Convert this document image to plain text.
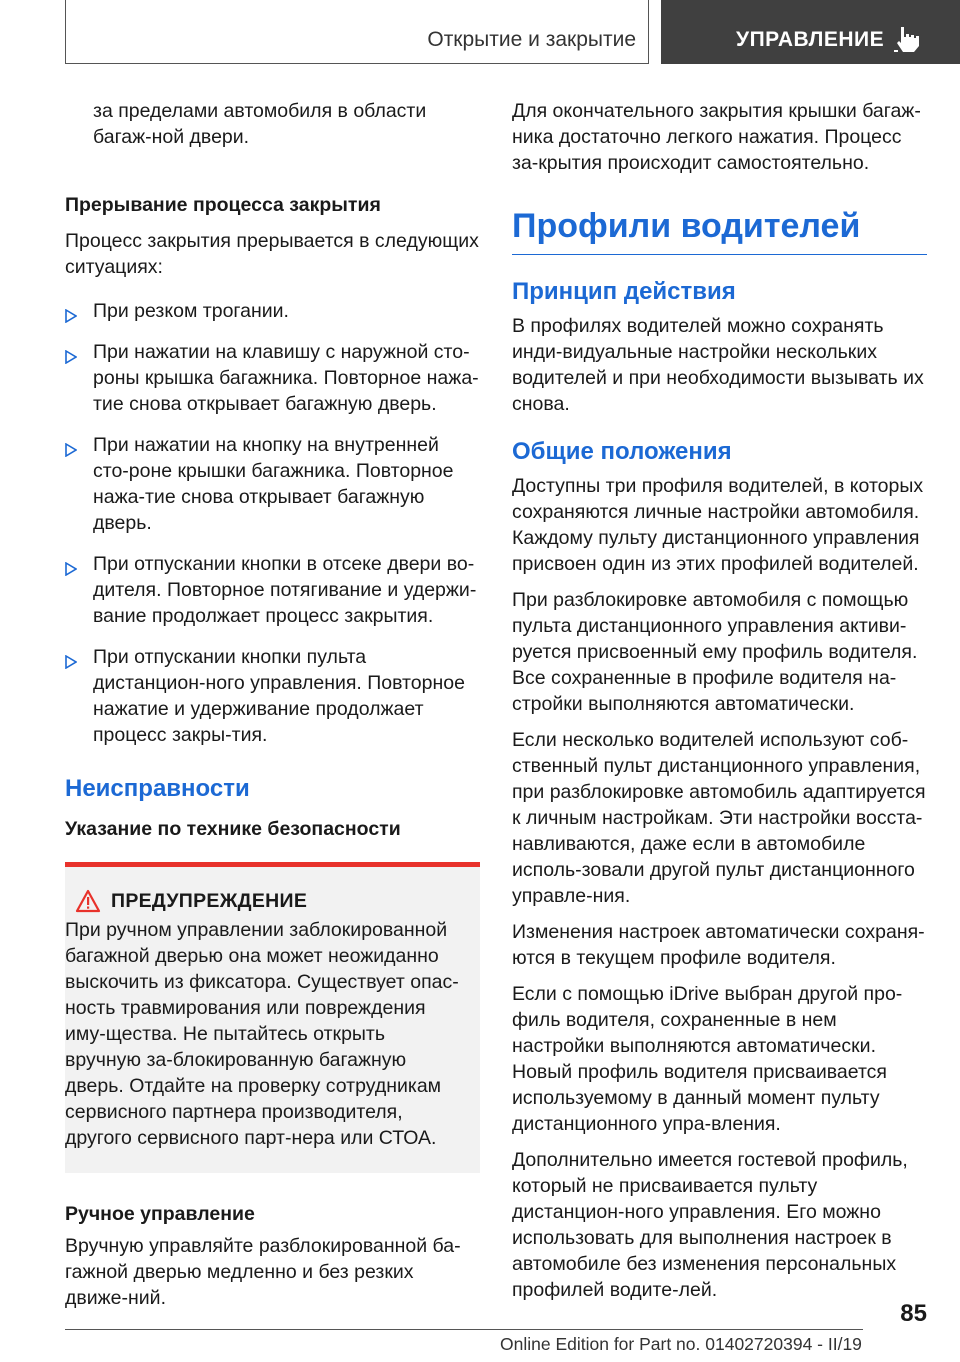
Открытие и закрытие	УПРАВЛЕНИЕ

за пределами автомобиля в области багаж-ной двери.

Прерывание процесса закрытия

Процесс закрытия прерывается в следующих ситуациях:

При резком трогании.
При нажатии на клавишу с наружной сто-роны крышка багажника. Повторное нажа-тие снова открывает багажную дверь.
При нажатии на кнопку на внутренней сто-роне крышки багажника. Повторное нажа-тие снова открывает багажную дверь.
При отпускании кнопки в отсеке двери во-дителя. Повторное потягивание и удержи-вание продолжает процесс закрытия.
При отпускании кнопки пульта дистанцион-ного управления. Повторное нажатие и удерживание продолжает процесс закры-тия.
Неисправности
Указание по технике безопасности
ПРЕДУПРЕЖДЕНИЕ

При ручном управлении заблокированной багажной дверью она может неожиданно выскочить из фиксатора. Существует опас-ность травмирования или повреждения иму-щества. Не пытайтесь открыть вручную за-блокированную багажную дверь. Отдайте на проверку сотрудникам сервисного партнера производителя, другого сервисного парт-нера или СТОА.

Ручное управление

Вручную управляйте разблокированной ба-гажной дверью медленно и без резких движе-ний.

Для окончательного закрытия крышки багаж-ника достаточно легкого нажатия. Процесс за-крытия происходит самостоятельно.

Профили водителей
Принцип действия

В профилях водителей можно сохранять инди-видуальные настройки нескольких водителей и при необходимости вызывать их снова.

Общие положения

Доступны три профиля водителей, в которых сохраняются личные настройки автомобиля. Каждому пульту дистанционного управления присвоен один из этих профилей водителей.

При разблокировке автомобиля с помощью пульта дистанционного управления активи-руется присвоенный ему профиль водителя. Все сохраненные в профиле водителя на-стройки выполняются автоматически.

Если несколько водителей используют соб-ственный пульт дистанционного управления, при разблокировке автомобиль адаптируется к личным настройкам. Эти настройки восста-навливаются, даже если в автомобиле исполь-зовали другой пульт дистанционного управле-ния.

Изменения настроек автоматически сохраня-ются в текущем профиле водителя.

Если с помощью iDrive выбран другой про-филь водителя, сохраненные в нем настройки выполняются автоматически. Новый профиль водителя присваивается используемому в данный момент пульту дистанционного упра-вления.

Дополнительно имеется гостевой профиль, который не присваивается пульту дистанцион-ного управления. Его можно использовать для выполнения настроек в автомобиле без изменения персональных профилей водите-лей.

85
Online Edition for Part no. 01402720394 - II/19
